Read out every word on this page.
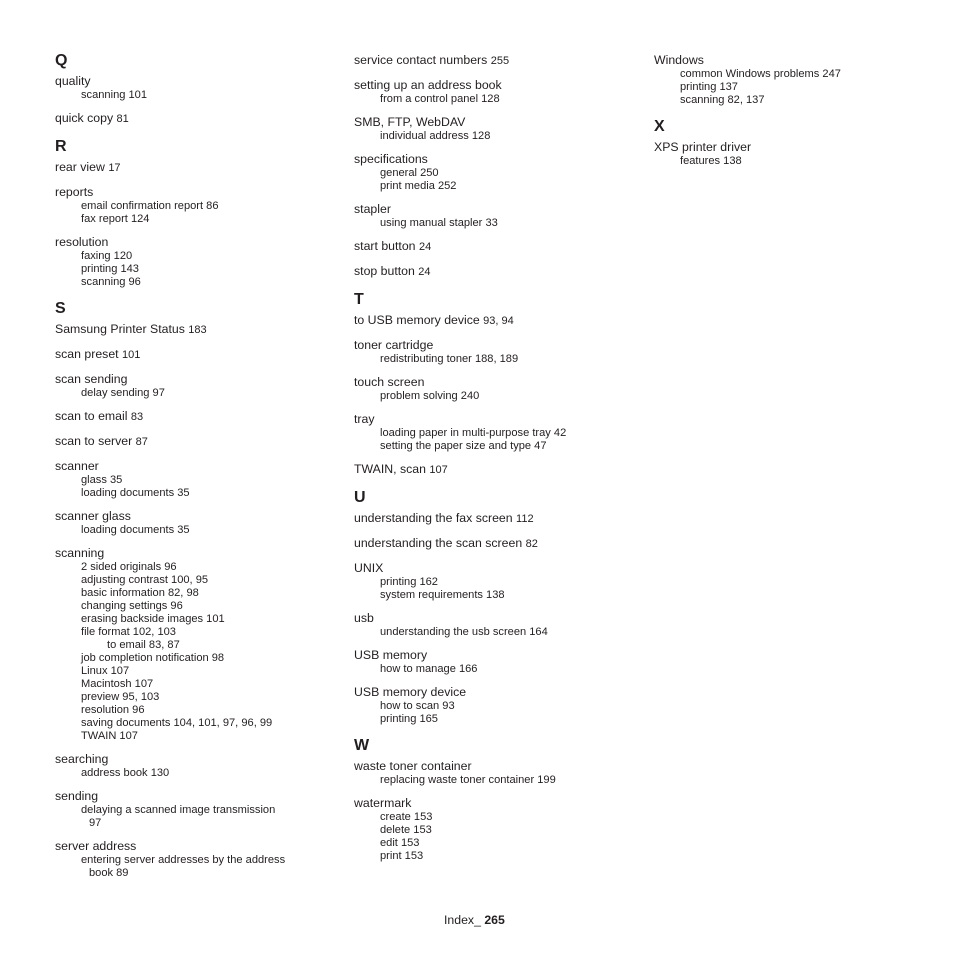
Q
quality
scanning 101
quick copy 81
R
rear view 17
reports
email confirmation report 86
fax report 124
resolution
faxing 120
printing 143
scanning 96
S
Samsung Printer Status 183
scan preset 101
scan sending
delay sending 97
scan to email 83
scan to server 87
scanner
glass 35
loading documents 35
scanner glass
loading documents 35
scanning
2 sided originals 96
adjusting contrast 100, 95
basic information 82, 98
changing settings 96
erasing backside images 101
file format 102, 103
to email 83, 87
job completion notification 98
Linux 107
Macintosh 107
preview 95, 103
resolution 96
saving documents 104, 101, 97, 96, 99
TWAIN 107
searching
address book 130
sending
delaying a scanned image transmission
97
server address
entering server addresses by the address
book 89
service contact numbers 255
setting up an address book
from a control panel 128
SMB, FTP, WebDAV
individual address 128
specifications
general 250
print media 252
stapler
using manual stapler 33
start button 24
stop button 24
T
to USB memory device 93, 94
toner cartridge
redistributing toner 188, 189
touch screen
problem solving 240
tray
loading paper in multi-purpose tray 42
setting the paper size and type 47
TWAIN, scan 107
U
understanding the fax screen 112
understanding the scan screen 82
UNIX
printing 162
system requirements 138
usb
understanding the usb screen 164
USB memory
how to manage 166
USB memory device
how to scan 93
printing 165
W
waste toner container
replacing waste toner container 199
watermark
create 153
delete 153
edit 153
print 153
Windows
common Windows problems 247
printing 137
scanning 82, 137
X
XPS printer driver
features 138
Index_ 265
